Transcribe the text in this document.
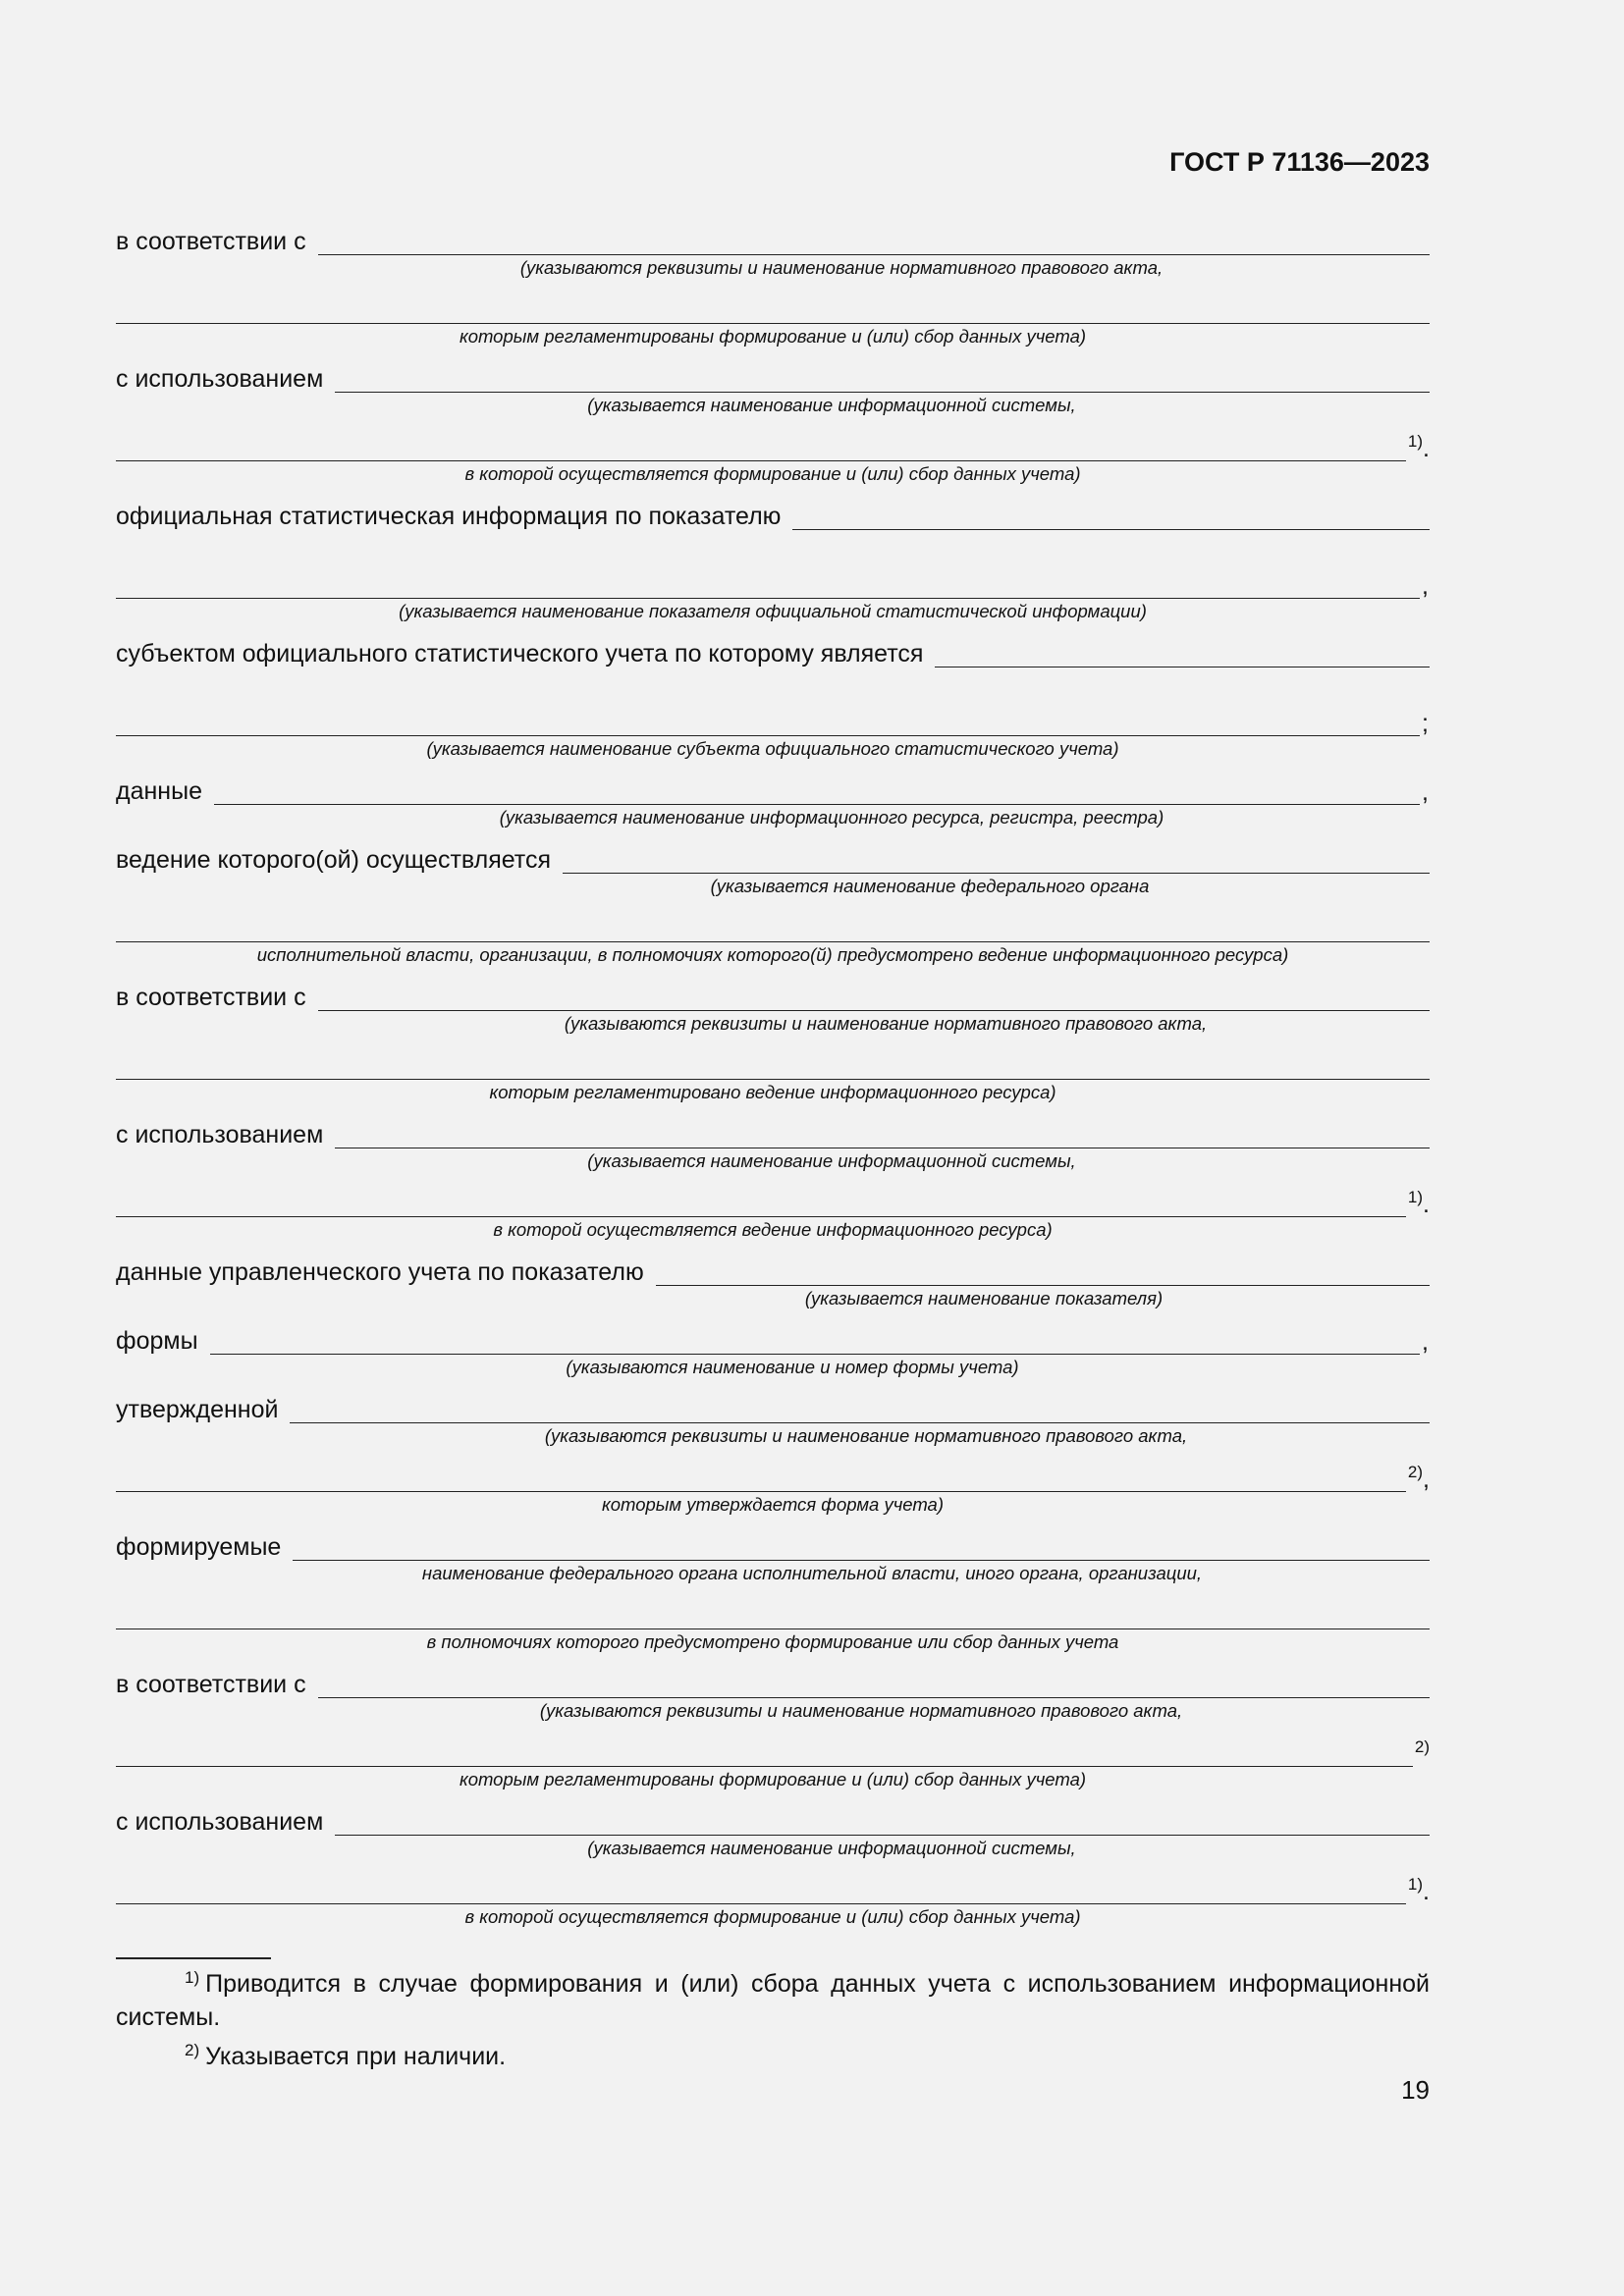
ГОСТ Р 71136—2023
в соответствии с
(указываются реквизиты и наименование нормативного правового акта,
которым регламентированы формирование и (или) сбор данных учета)
с использованием
(указывается наименование информационной системы,
$^{1)}$.
в которой осуществляется формирование и (или) сбор данных учета)
официальная статистическая информация по показателю
,
(указывается наименование показателя официальной статистической информации)
субъектом официального статистического учета по которому является
;
(указывается наименование субъекта официального статистического учета)
данные	,
(указывается наименование информационного ресурса, регистра, реестра)
ведение которого(ой) осуществляется
(указывается наименование федерального органа
исполнительной власти, организации, в полномочиях которого(й) предусмотрено ведение информационного ресурса)
в соответствии с
(указываются реквизиты и наименование нормативного правового акта,
которым регламентировано ведение информационного ресурса)
с использованием
(указывается наименование информационной системы,
$^{1)}$.
в которой осуществляется ведение информационного ресурса)
данные управленческого учета по показателю
(указывается наименование показателя)
формы	,
(указываются наименование и номер формы учета)
утвержденной
(указываются реквизиты и наименование нормативного правового акта,
$^{2)}$,
которым утверждается форма учета)
формируемые
наименование федерального органа исполнительной власти, иного органа, организации,
в полномочиях которого предусмотрено формирование или сбор данных учета
в соответствии с
(указываются реквизиты и наименование нормативного правового акта,
$^{2)}$
которым регламентированы формирование и (или) сбор данных учета)
с использованием
(указывается наименование информационной системы,
$^{1)}$.
в которой осуществляется формирование и (или) сбор данных учета)
$^{1)}$ Приводится в случае формирования и (или) сбора данных учета с использованием информационной системы.
$^{2)}$ Указывается при наличии.
19
